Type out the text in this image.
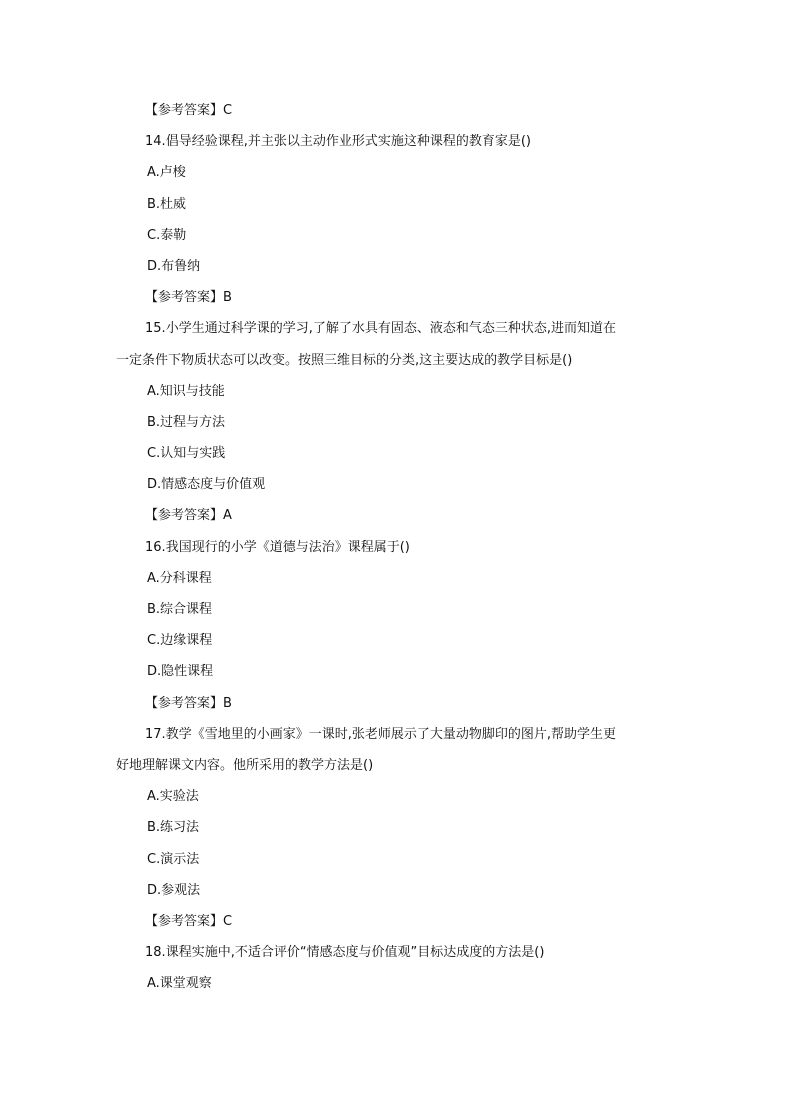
【参考答案】C
14.倡导经验课程,并主张以主动作业形式实施这种课程的教育家是()
A.卢梭
B.杜威
C.泰勒
D.布鲁纳
【参考答案】B
15.小学生通过科学课的学习,了解了水具有固态、液态和气态三种状态,进而知道在
一定条件下物质状态可以改变。按照三维目标的分类,这主要达成的教学目标是()
A.知识与技能
B.过程与方法
C.认知与实践
D.情感态度与价值观
【参考答案】A
16.我国现行的小学《道德与法治》课程属于()
A.分科课程
B.综合课程
C.边缘课程
D.隐性课程
【参考答案】B
17.教学《雪地里的小画家》一课时,张老师展示了大量动物脚印的图片,帮助学生更
好地理解课文内容。他所采用的教学方法是()
A.实验法
B.练习法
C.演示法
D.参观法
【参考答案】C
18.课程实施中,不适合评价“情感态度与价值观”目标达成度的方法是()
A.课堂观察
